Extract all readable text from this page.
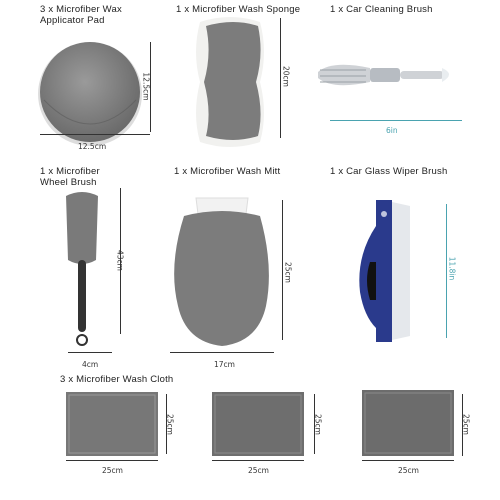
3 x Microfiber Wax
Applicator Pad
12.5cm
12.5cm
1 x Microfiber Wash Sponge
20cm
1 x Car Cleaning Brush
6in
1 x Microfiber
Wheel Brush
43cm
4cm
1 x Microfiber Wash Mitt
25cm
17cm
1 x Car Glass Wiper Brush
11.8in
3 x Microfiber Wash Cloth
25cm
25cm
25cm
25cm
25cm
25cm
